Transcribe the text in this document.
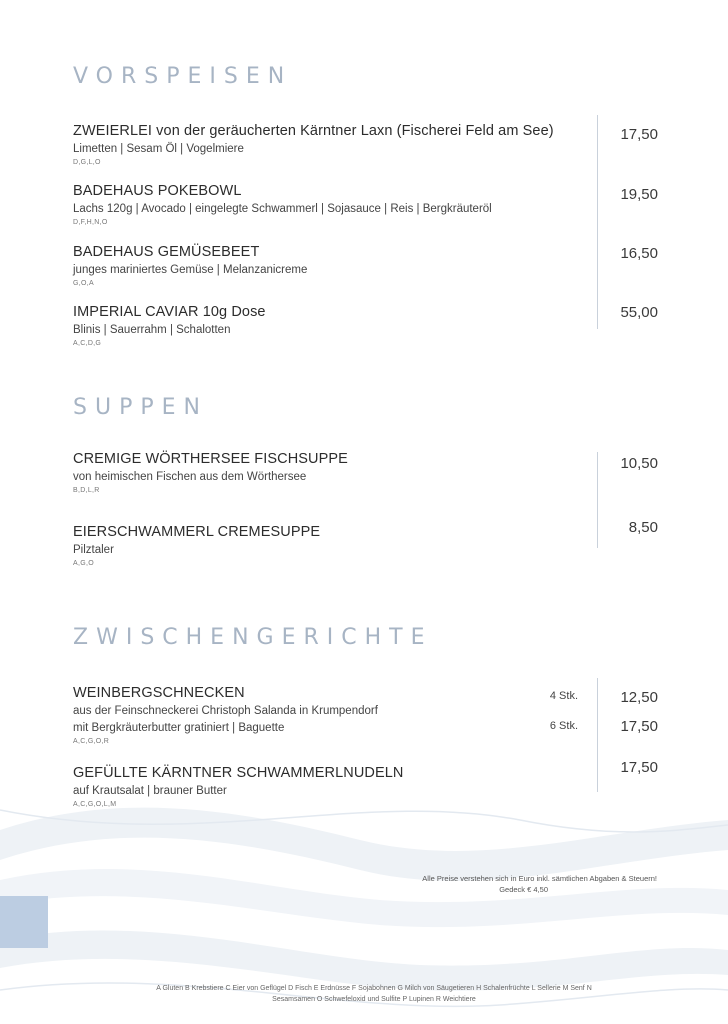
VORSPEISEN
ZWEIERLEI von der geräucherten Kärntner Laxn (Fischerei Feld am See)
Limetten | Sesam Öl | Vogelmiere
D,G,L,O
17,50
BADEHAUS POKEBOWL
Lachs 120g | Avocado | eingelegte Schwammerl | Sojasauce | Reis | Bergkräuteröl
D,F,H,N,O
19,50
BADEHAUS GEMÜSEBEET
junges mariniertes Gemüse | Melanzanicreme
G,O,A
16,50
IMPERIAL CAVIAR 10g Dose
Blinis | Sauerrahm | Schalotten
A,C,D,G
55,00
SUPPEN
CREMIGE WÖRTHERSEE FISCHSUPPE
von heimischen Fischen aus dem Wörthersee
B,D,L,R
10,50
EIERSCHWAMMERL CREMESUPPE
Pilztaler
A,G,O
8,50
ZWISCHENGERICHTE
WEINBERGSCHNECKEN
aus der Feinschneckerei Christoph Salanda in Krumpendorf
mit Bergkräuterbutter gratiniert | Baguette
A,C,G,O,R
4 Stk.	12,50
6 Stk.	17,50
GEFÜLLTE KÄRNTNER SCHWAMMERLNUDELN
auf Krautsalat | brauner Butter
A,C,G,O,L,M
17,50
Alle Preise verstehen sich in Euro inkl. sämtlichen Abgaben & Steuern!
Gedeck € 4,50
A Gluten B Krebstiere C Eier von Geflügel D Fisch E Erdnüsse F Sojabohnen G Milch von Säugetieren H Schalenfrüchte L Sellerie M Senf N
Sesamsamen O Schwefeloxid und Sulfite P Lupinen R Weichtiere
